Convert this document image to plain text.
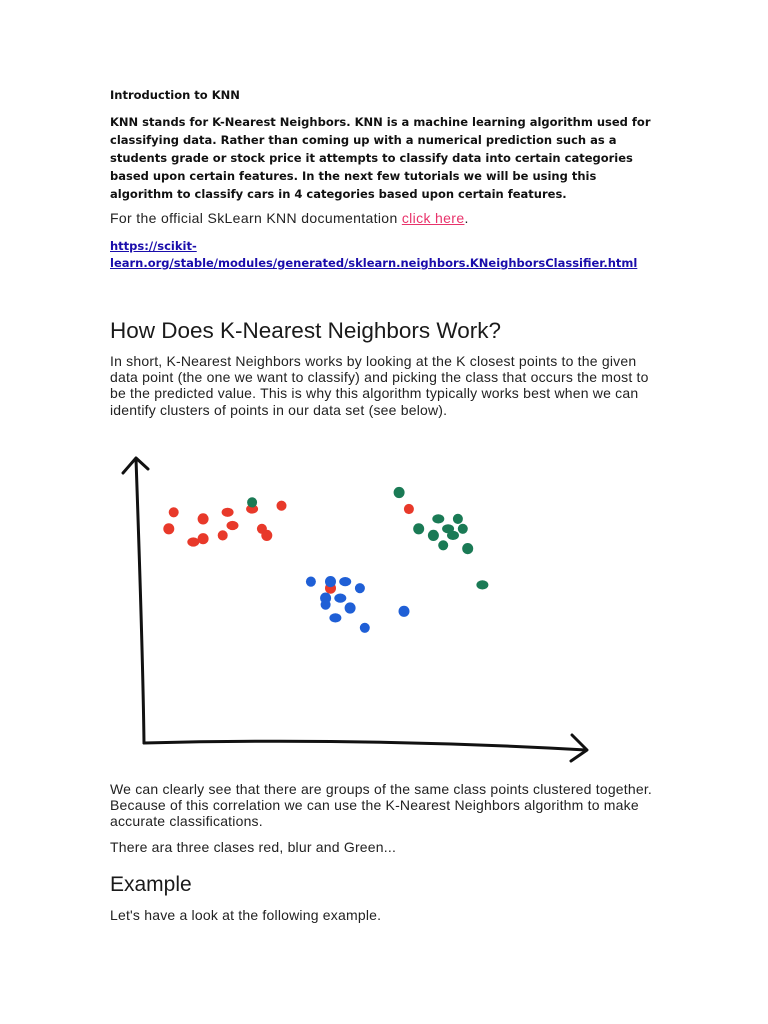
Introduction to KNN

KNN stands for K-Nearest Neighbors. KNN is a machine learning algorithm used for classifying data. Rather than coming up with a numerical prediction such as a students grade or stock price it attempts to classify data into certain categories based upon certain features. In the next few tutorials we will be using this algorithm to classify cars in 4 categories based upon certain features.

For the official SkLearn KNN documentation click here.

https://scikit-learn.org/stable/modules/generated/sklearn.neighbors.KNeighborsClassifier.html
How Does K-Nearest Neighbors Work?

In short, K-Nearest Neighbors works by looking at the K closest points to the given data point (the one we want to classify) and picking the class that occurs the most to be the predicted value. This is why this algorithm typically works best when we can identify clusters of points in our data set (see below).

We can clearly see that there are groups of the same class points clustered together. Because of this correlation we can use the K-Nearest Neighbors algorithm to make accurate classifications.

There ara three clases red, blur and Green...

Example

Let's have a look at the following example.
